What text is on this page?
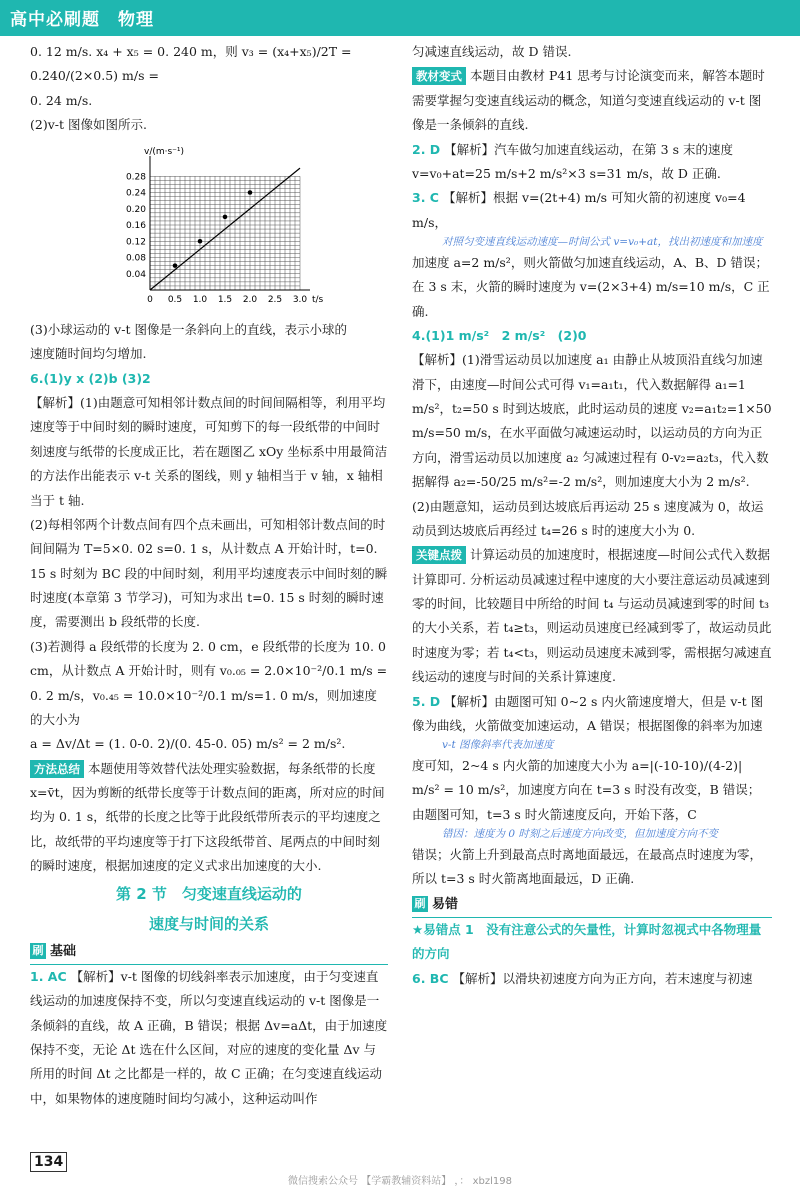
高中必刷题　物理

0. 12 m/s. x₄ + x₅ = 0. 240 m，则 v₃ = (x₄+x₅)/2T = 0.240/(2×0.5) m/s =

0. 24 m/s.

(2)v-t 图像如图所示.

0 0.5 1.0 1.5 2.0 2.5 3.0
0.04
0.08
0.12
0.16
0.20
0.24
0.28
v/(m·s⁻¹)
t/s

(3)小球运动的 v-t 图像是一条斜向上的直线，表示小球的

速度随时间均匀增加.

6.(1)y x (2)b (3)2

【解析】(1)由题意可知相邻计数点间的时间间隔相等，利用平均速度等于中间时刻的瞬时速度，可知剪下的每一段纸带的中间时刻速度与纸带的长度成正比，若在题图乙 xOy 坐标系中用最简洁的方法作出能表示 v-t 关系的图线，则 y 轴相当于 v 轴，x 轴相当于 t 轴.

(2)每相邻两个计数点间有四个点未画出，可知相邻计数点间的时间间隔为 T=5×0. 02 s=0. 1 s，从计数点 A 开始计时，t=0. 15 s 时刻为 BC 段的中间时刻，利用平均速度表示中间时刻的瞬时速度(本章第 3 节学习)，可知为求出 t=0. 15 s 时刻的瞬时速度，需要测出 b 段纸带的长度.

(3)若测得 a 段纸带的长度为 2. 0 cm，e 段纸带的长度为 10. 0 cm，从计数点 A 开始计时，则有 v₀.₀₅ = 2.0×10⁻²/0.1 m/s = 0. 2 m/s，v₀.₄₅ = 10.0×10⁻²/0.1 m/s=1. 0 m/s，则加速度的大小为

a = Δv/Δt = (1. 0-0. 2)/(0. 45-0. 05) m/s² = 2 m/s².

方法总结 本题使用等效替代法处理实验数据，每条纸带的长度 x=v̄t，因为剪断的纸带长度等于计数点间的距离，所对应的时间均为 0. 1 s，纸带的长度之比等于此段纸带所表示的平均速度之比，故纸带的平均速度等于打下这段纸带首、尾两点的中间时刻的瞬时速度，根据加速度的定义式求出加速度的大小.

第 2 节　匀变速直线运动的
速度与时间的关系
刷 基础

1. AC 【解析】v-t 图像的切线斜率表示加速度，由于匀变速直线运动的加速度保持不变，所以匀变速直线运动的 v-t 图像是一条倾斜的直线，故 A 正确，B 错误；根据 Δv=aΔt，由于加速度保持不变，无论 Δt 选在什么区间，对应的速度的变化量 Δv 与所用的时间 Δt 之比都是一样的，故 C 正确；在匀变速直线运动中，如果物体的速度随时间均匀减小，这种运动叫作

匀减速直线运动，故 D 错误.

教材变式 本题目由教材 P41 思考与讨论演变而来，解答本题时需要掌握匀变速直线运动的概念，知道匀变速直线运动的 v-t 图像是一条倾斜的直线.

2. D 【解析】汽车做匀加速直线运动，在第 3 s 末的速度 v=v₀+at=25 m/s+2 m/s²×3 s=31 m/s，故 D 正确.

3. C 【解析】根据 v=(2t+4) m/s 可知火箭的初速度 v₀=4 m/s，

对照匀变速直线运动速度—时间公式 v=v₀+at，找出初速度和加速度

加速度 a=2 m/s²，则火箭做匀加速直线运动，A、B、D 错误；在 3 s 末，火箭的瞬时速度为 v=(2×3+4) m/s=10 m/s，C 正确.

4.(1)1 m/s²　2 m/s²　(2)0

【解析】(1)滑雪运动员以加速度 a₁ 由静止从坡顶沿直线匀加速滑下，由速度—时间公式可得 v₁=a₁t₁，代入数据解得 a₁=1 m/s²，t₂=50 s 时到达坡底，此时运动员的速度 v₂=a₁t₂=1×50 m/s=50 m/s，在水平面做匀减速运动时，以运动员的方向为正方向，滑雪运动员以加速度 a₂ 匀减速过程有 0-v₂=a₂t₃，代入数据解得 a₂=-50/25 m/s²=-2 m/s²，则加速度大小为 2 m/s².

(2)由题意知，运动员到达坡底后再运动 25 s 速度减为 0，故运动员到达坡底后再经过 t₄=26 s 时的速度大小为 0.

关键点拨 计算运动员的加速度时，根据速度—时间公式代入数据计算即可. 分析运动员减速过程中速度的大小要注意运动员减速到零的时间，比较题目中所给的时间 t₄ 与运动员减速到零的时间 t₃ 的大小关系，若 t₄≥t₃，则运动员速度已经减到零了，故运动员此时速度为零；若 t₄<t₃，则运动员速度未减到零，需根据匀减速直线运动的速度与时间的关系计算速度.

5. D 【解析】由题图可知 0~2 s 内火箭速度增大，但是 v-t 图像为曲线，火箭做变加速运动，A 错误；根据图像的斜率为加速

v-t 图像斜率代表加速度

度可知，2~4 s 内火箭的加速度大小为 a=|(-10-10)/(4-2)| m/s² = 10 m/s²，加速度方向在 t=3 s 时没有改变，B 错误；由题图可知，t=3 s 时火箭速度反向，开始下落，C

错因：速度为 0 时刻之后速度方向改变，但加速度方向不变

错误；火箭上升到最高点时离地面最远，在最高点时速度为零，所以 t=3 s 时火箭离地面最远，D 正确.

刷 易错

★易错点 1　没有注意公式的矢量性，计算时忽视式中各物理量的方向

6. BC 【解析】以滑块初速度方向为正方向，若末速度与初速

134
微信搜索公众号 【学霸教辅资料站】 ，： xbzl198
